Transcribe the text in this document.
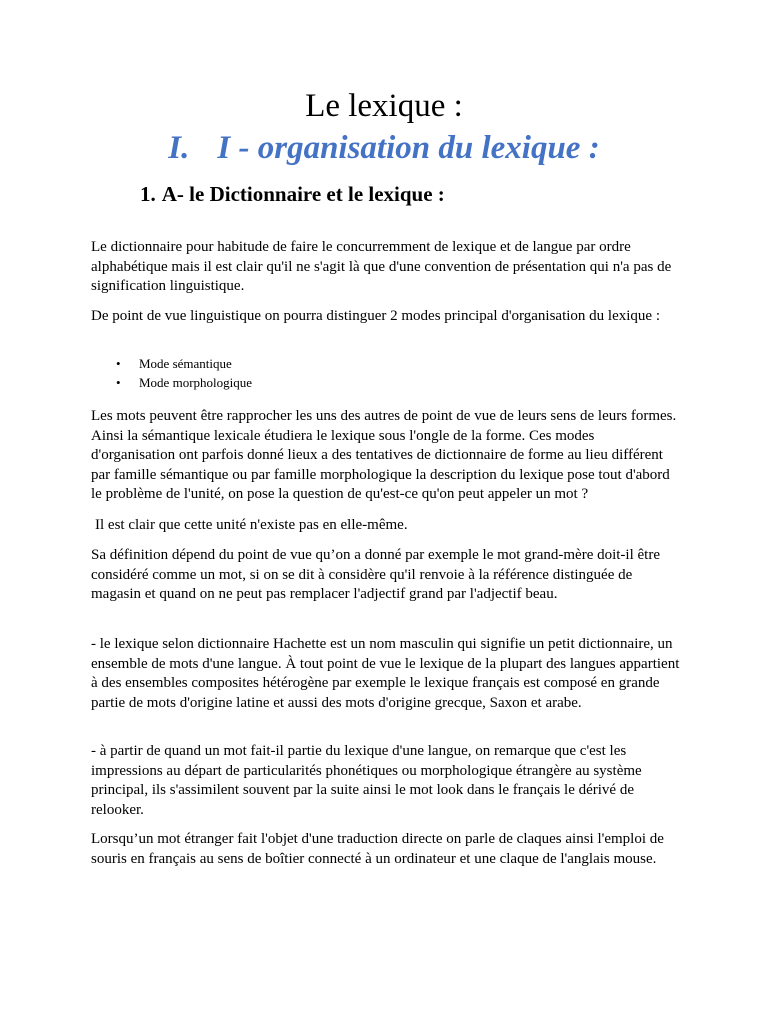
Le lexique :
I. I - organisation du lexique :
1. A- le Dictionnaire et le lexique :

Le dictionnaire pour habitude de faire le concurremment de lexique et de langue par ordre alphabétique mais il est clair qu'il ne s'agit là que d'une convention de présentation qui n'a pas de signification linguistique.

De point de vue linguistique on pourra distinguer 2 modes principal d'organisation du lexique :

• Mode sémantique
• Mode morphologique

Les mots peuvent être rapprocher les uns des autres de point de vue de leurs sens de leurs formes. Ainsi la sémantique lexicale étudiera le lexique sous l'ongle de la forme. Ces modes d'organisation ont parfois donné lieux a des tentatives de dictionnaire de forme au lieu différent par famille sémantique ou par famille morphologique la description du lexique pose tout d'abord le problème de l'unité, on pose la question de qu'est-ce qu'on peut appeler un mot ?

Il est clair que cette unité n'existe pas en elle-même.

Sa définition dépend du point de vue qu’on a donné par exemple le mot grand-mère doit-il être considéré comme un mot, si on se dit à considère qu'il renvoie à la référence distinguée de magasin et quand on ne peut pas remplacer l'adjectif grand par l'adjectif beau.

- le lexique selon dictionnaire Hachette est un nom masculin qui signifie un petit dictionnaire, un ensemble de mots d'une langue. À tout point de vue le lexique de la plupart des langues appartient à des ensembles composites hétérogène par exemple le lexique français est composé en grande partie de mots d'origine latine et aussi des mots d'origine grecque, Saxon et arabe.

- à partir de quand un mot fait-il partie du lexique d'une langue, on remarque que c'est les impressions au départ de particularités phonétiques ou morphologique étrangère au système principal, ils s'assimilent souvent par la suite ainsi le mot look dans le français le dérivé de relooker.

Lorsqu’un mot étranger fait l'objet d'une traduction directe on parle de claques ainsi l'emploi de souris en français au sens de boîtier connecté à un ordinateur et une claque de l'anglais mouse.
